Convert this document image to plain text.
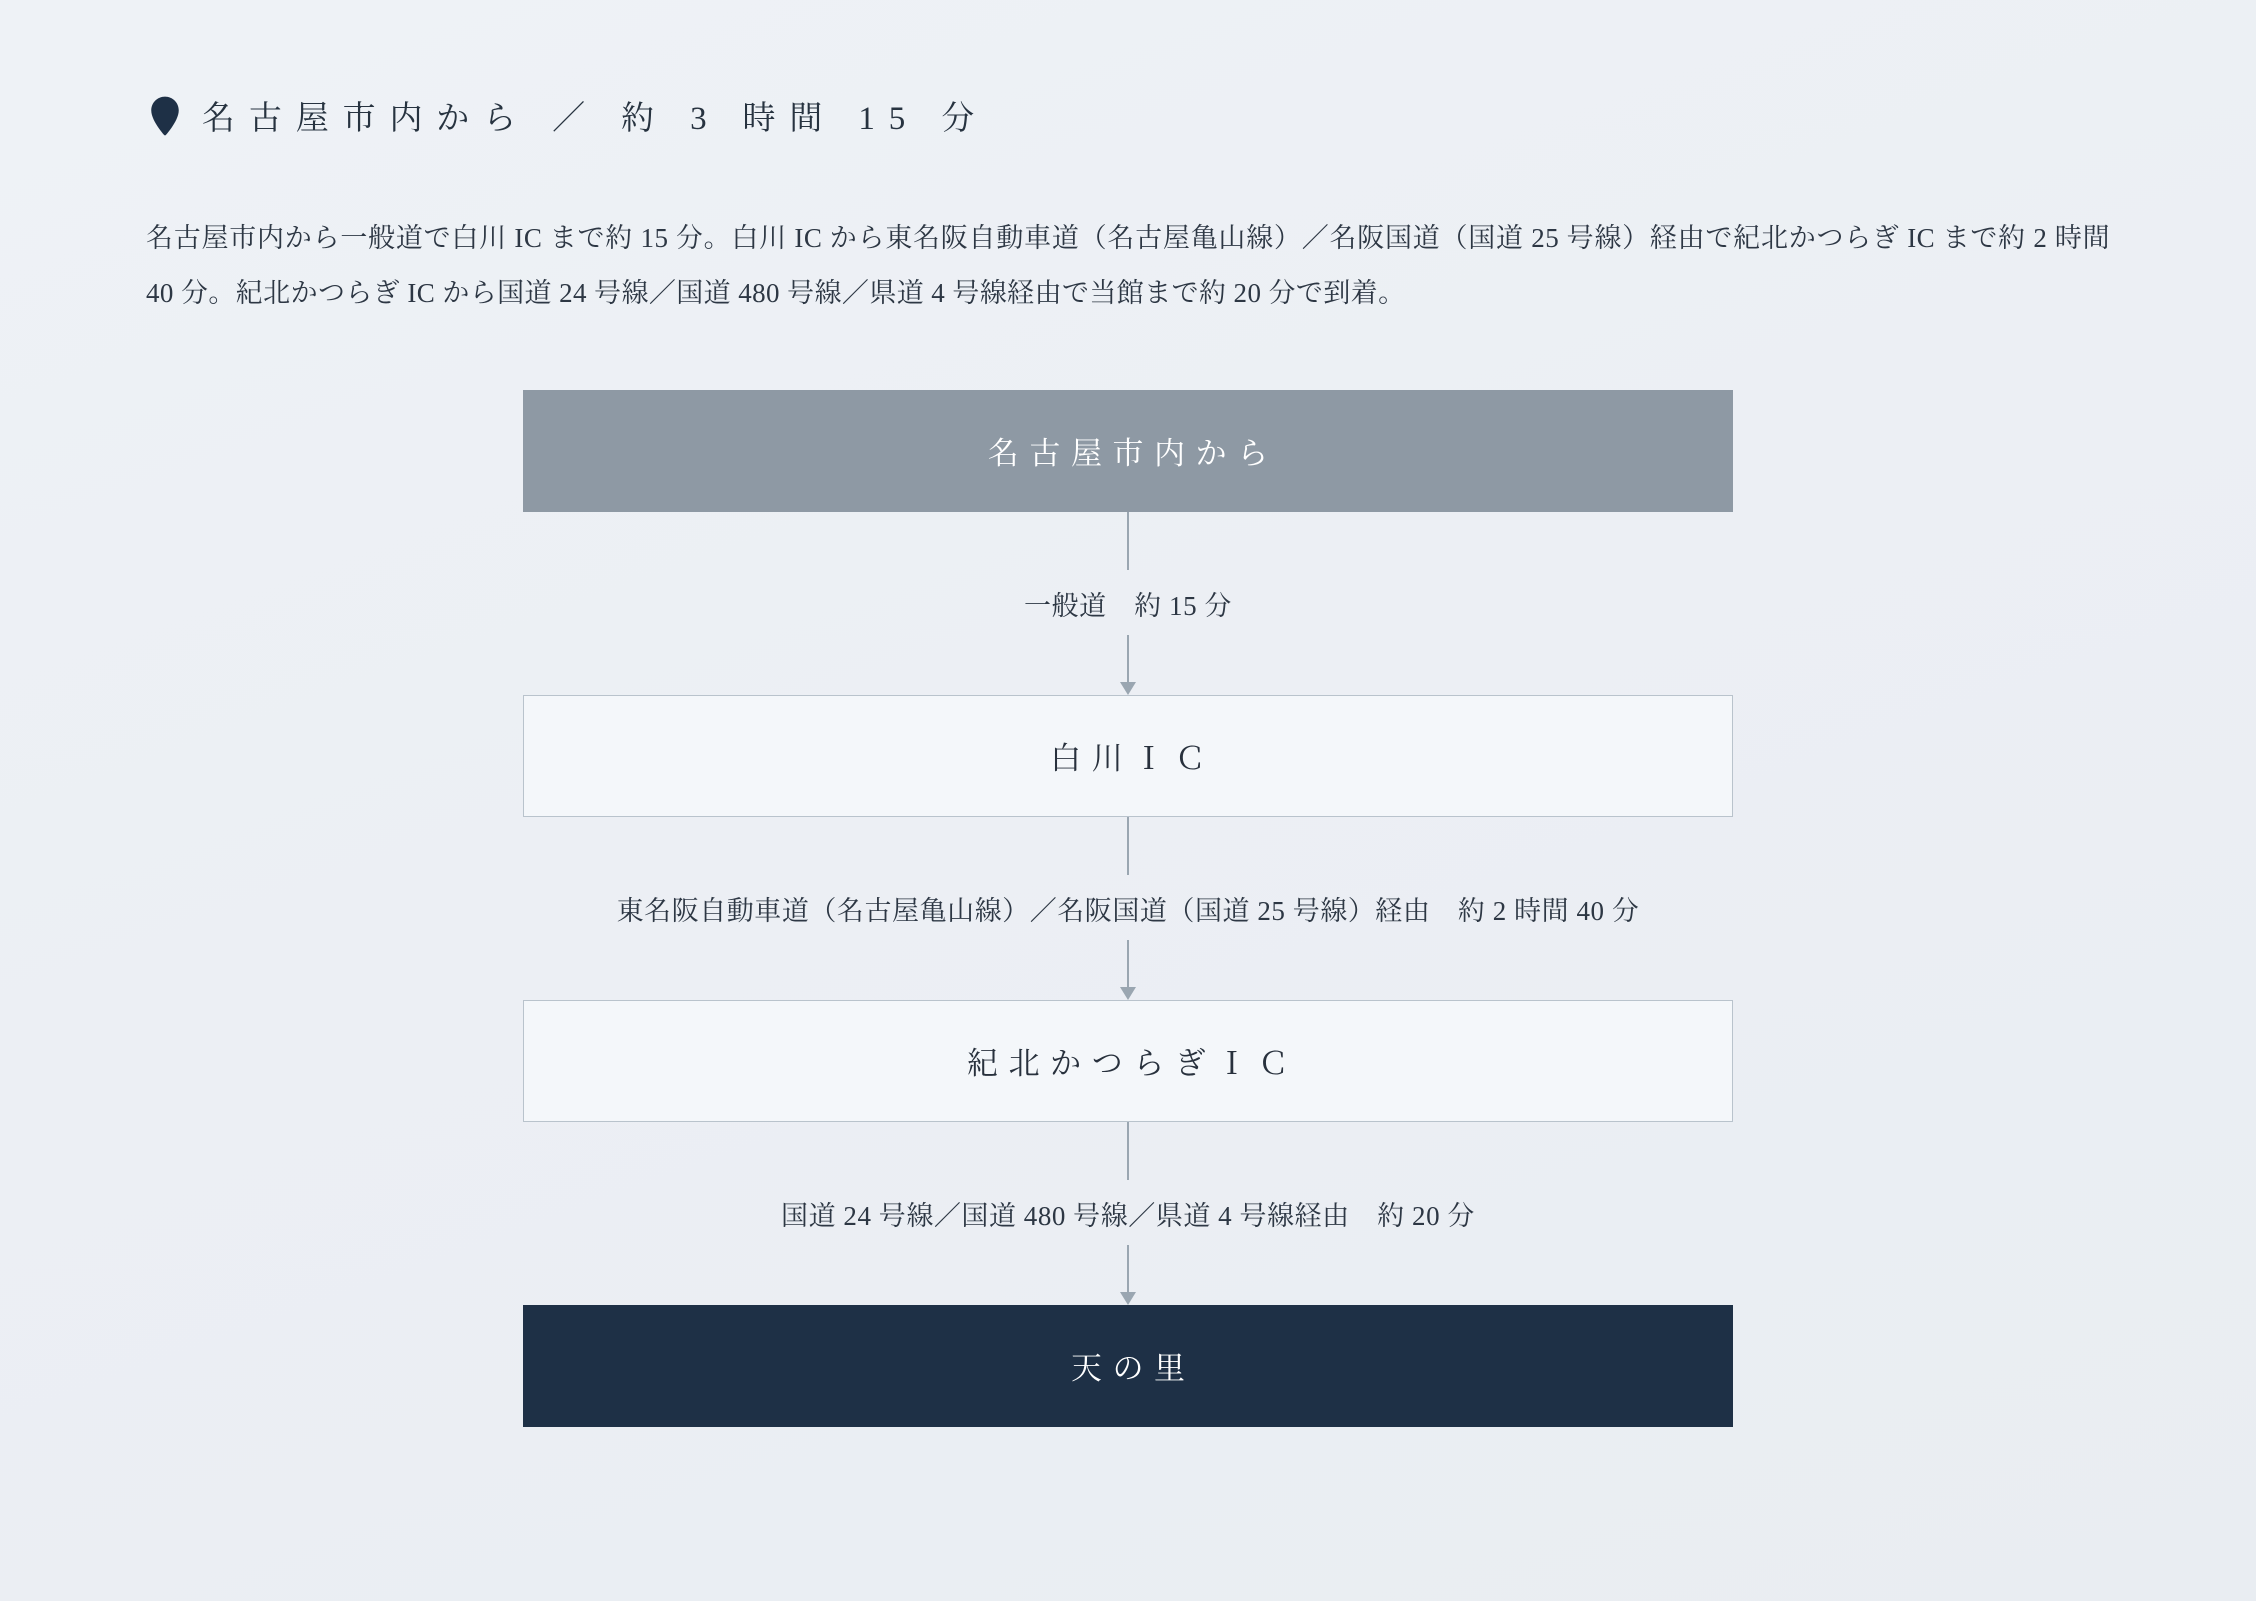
名古屋市内から ／ 約 3 時間 15 分

名古屋市内から一般道で白川 IC まで約 15 分。白川 IC から東名阪自動車道（名古屋亀山線）／名阪国道（国道 25 号線）経由で紀北かつらぎ IC まで約 2 時間 40 分。紀北かつらぎ IC から国道 24 号線／国道 480 号線／県道 4 号線経由で当館まで約 20 分で到着。

名古屋市内から
一般道　約 15 分
白川ＩＣ
東名阪自動車道（名古屋亀山線）／名阪国道（国道 25 号線）経由　約 2 時間 40 分
紀北かつらぎＩＣ
国道 24 号線／国道 480 号線／県道 4 号線経由　約 20 分
天の里
